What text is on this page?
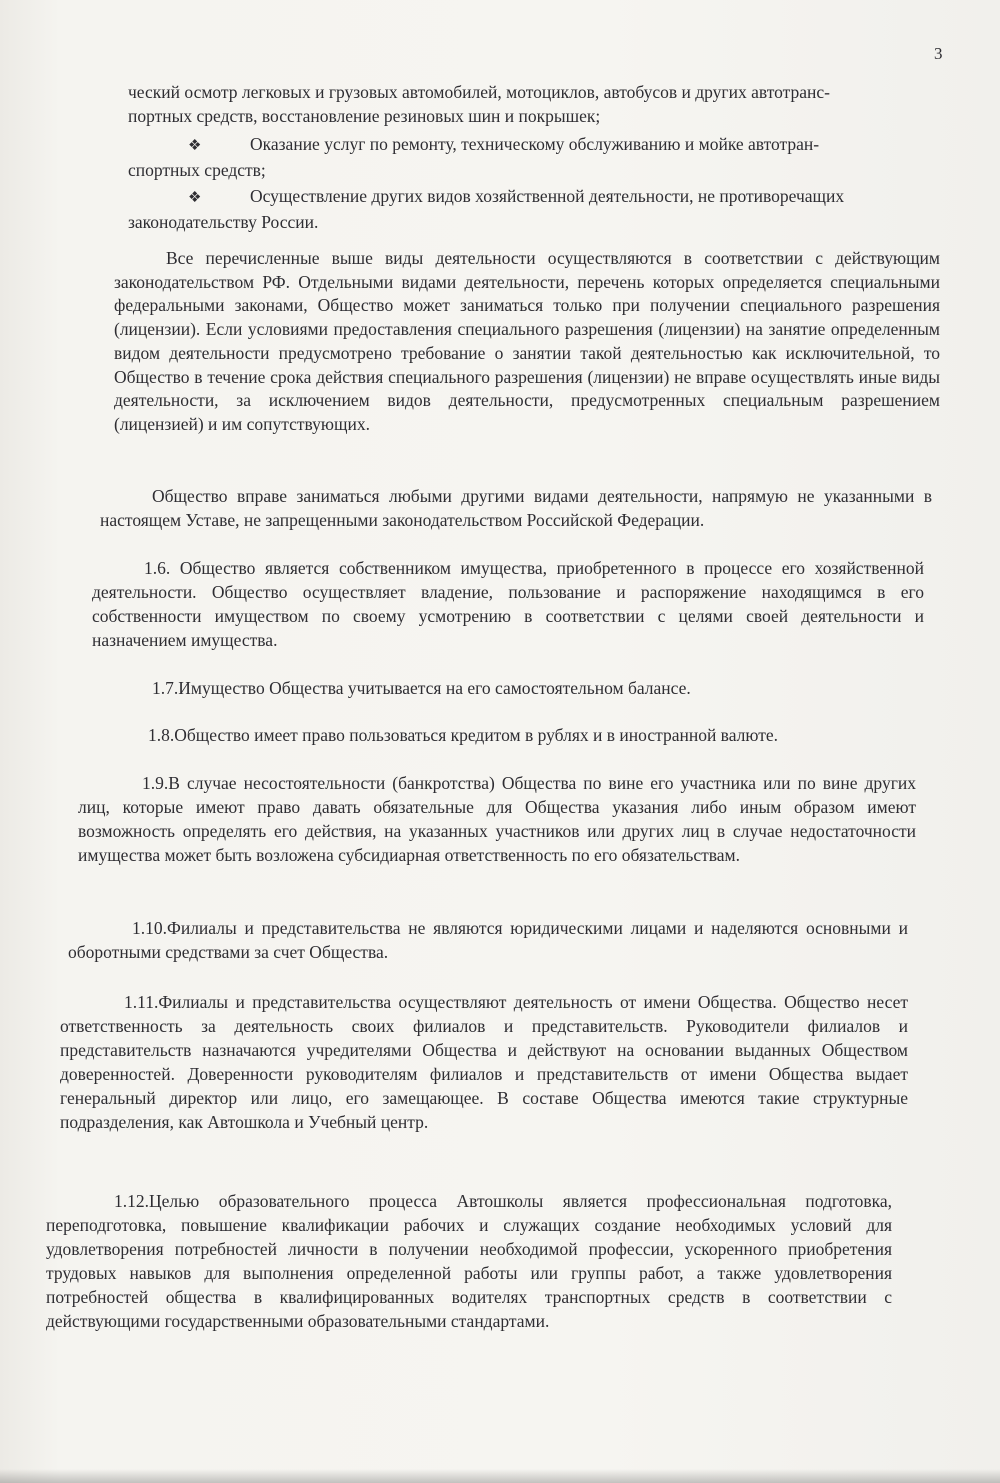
3

ческий осмотр легковых и грузовых автомобилей, мотоциклов, автобусов и других автотранс-

портных средств, восстановление резиновых шин и покрышек;

❖	Оказание услуг по ремонту, техническому обслуживанию и мойке автотран-

спортных средств;

❖	Осуществление других видов хозяйственной деятельности, не противоречащих

законодательству России.

Все перечисленные выше виды деятельности осуществляются в соответствии с действующим законодательством РФ. Отдельными видами деятельности, перечень которых определяется специальными федеральными законами, Общество может заниматься только при получении специального разрешения (лицензии). Если условиями предоставления специального разрешения (лицензии) на занятие определенным видом деятельности предусмотрено требование о занятии такой деятельностью как исключительной, то Общество в течение срока действия специального разрешения (лицензии) не вправе осуществлять иные виды деятельности, за исключением видов деятельности, предусмотренных специальным разрешением (лицензией) и им сопутствующих.

Общество вправе заниматься любыми другими видами деятельности, напрямую не указанными в настоящем Уставе, не запрещенными законодательством Российской Федерации.

1.6. Общество является собственником имущества, приобретенного в процессе его хозяйственной деятельности. Общество осуществляет владение, пользование и распоряжение находящимся в его собственности имуществом по своему усмотрению в соответствии с целями своей деятельности и назначением имущества.

1.7.Имущество Общества учитывается на его самостоятельном балансе.

1.8.Общество имеет право пользоваться кредитом в рублях и в иностранной валюте.

1.9.В случае несостоятельности (банкротства) Общества по вине его участника или по вине других лиц, которые имеют право давать обязательные для Общества указания либо иным образом имеют возможность определять его действия, на указанных участников или других лиц в случае недостаточности имущества может быть возложена субсидиарная ответственность по его обязательствам.

1.10.Филиалы и представительства не являются юридическими лицами и наделяются основными и оборотными средствами за счет Общества.

1.11.Филиалы и представительства осуществляют деятельность от имени Общества. Общество несет ответственность за деятельность своих филиалов и представительств. Руководители филиалов и представительств назначаются учредителями Общества и действуют на основании выданных Обществом доверенностей. Доверенности руководителям филиалов и представительств от имени Общества выдает генеральный директор или лицо, его замещающее. В составе Общества имеются такие структурные подразделения, как Автошкола и Учебный центр.

1.12.Целью образовательного процесса Автошколы является профессиональная подготовка, переподготовка, повышение квалификации рабочих и служащих создание необходимых условий для удовлетворения потребностей личности в получении необходимой профессии, ускоренного приобретения трудовых навыков для выполнения определенной работы или группы работ, а также удовлетворения потребностей общества в квалифицированных водителях транспортных средств в соответствии с действующими государственными образовательными стандартами.
